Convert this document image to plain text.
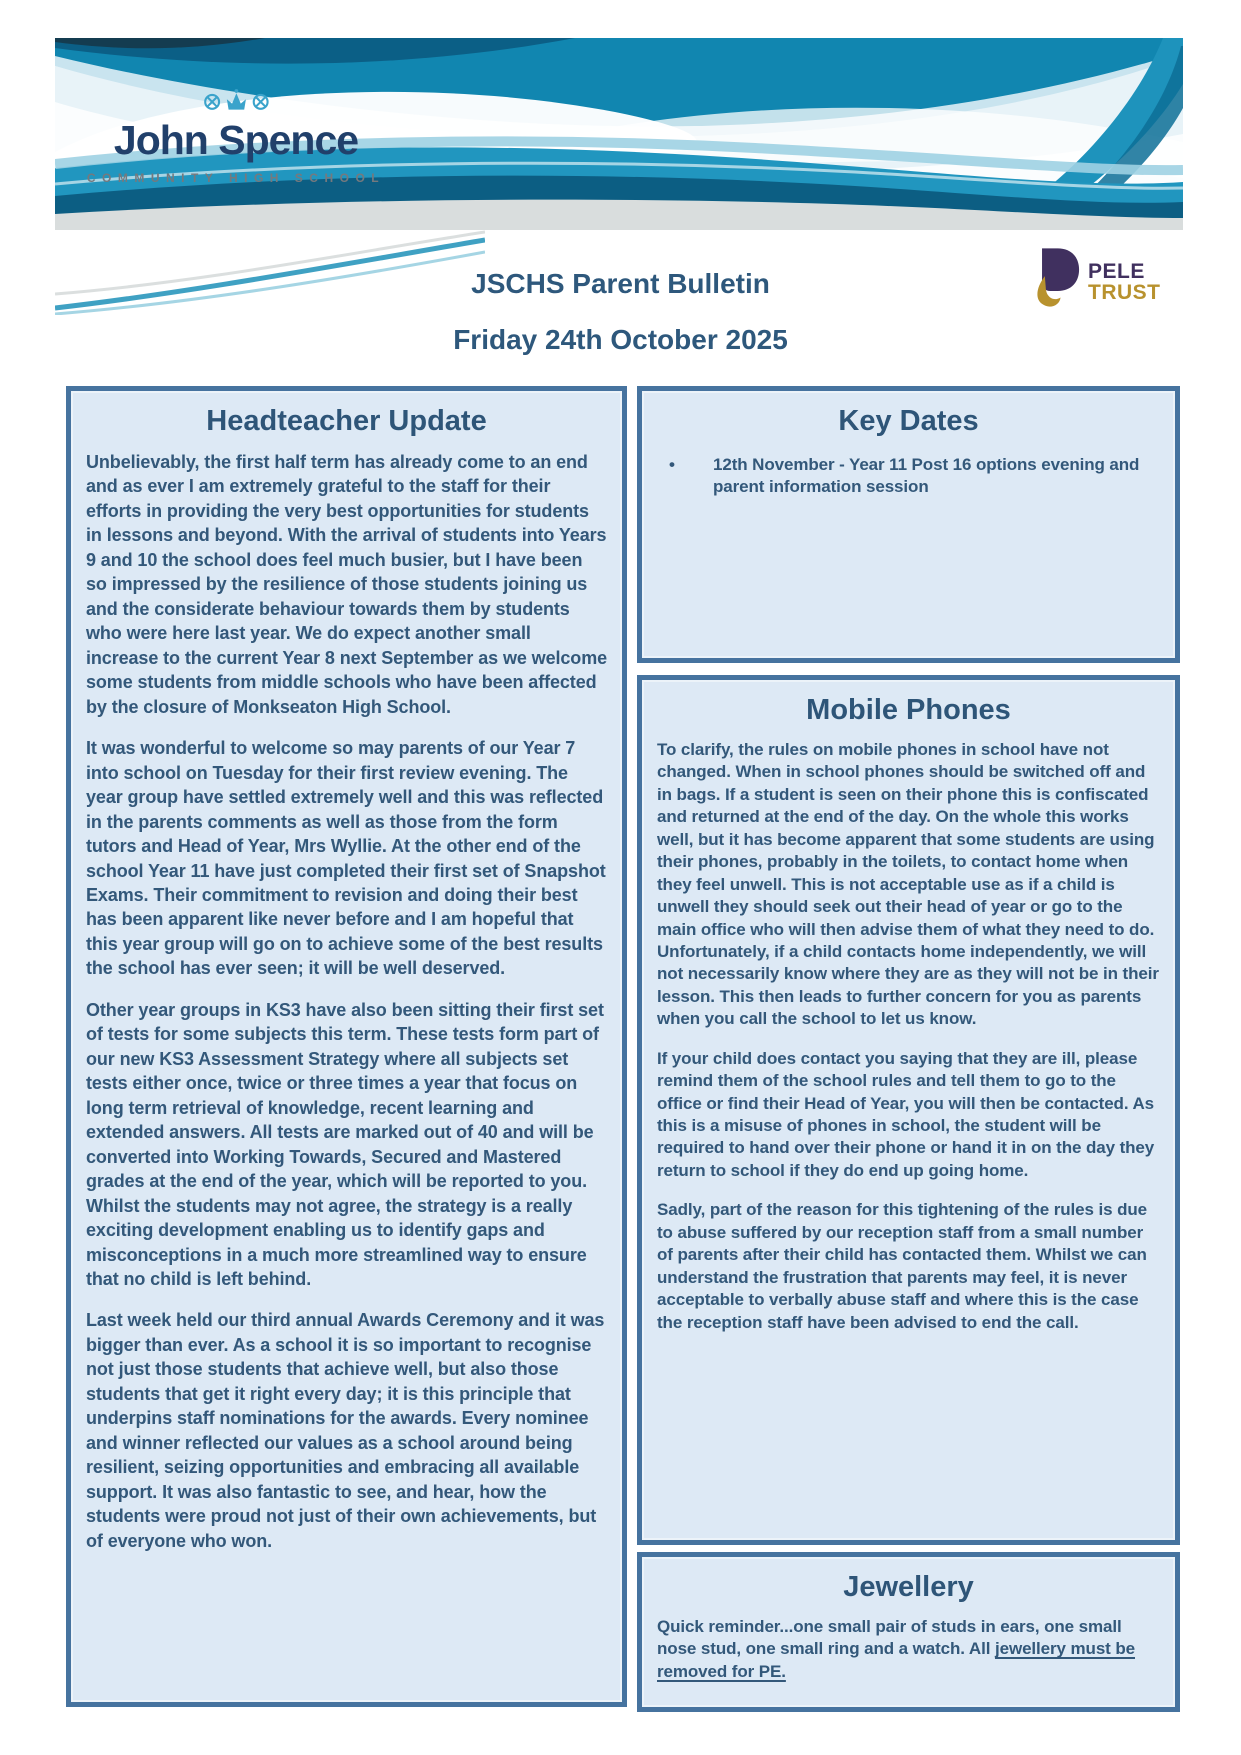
John Spence
COMMUNITY HIGH SCHOOL
JSCHS Parent Bulletin
Friday 24th October 2025
PELE
TRUST
Headteacher Update

Unbelievably, the first half term has already come to an end and as ever I am extremely grateful to the staff for their efforts in providing the very best opportunities for students in lessons and beyond. With the arrival of students into Years 9 and 10 the school does feel much busier, but I have been so impressed by the resilience of those students joining us and the considerate behaviour towards them by students who were here last year. We do expect another small increase to the current Year 8 next September as we welcome some students from middle schools who have been affected by the closure of Monkseaton High School.

It was wonderful to welcome so may parents of our Year 7 into school on Tuesday for their first review evening. The year group have settled extremely well and this was reflected in the parents comments as well as those from the form tutors and Head of Year, Mrs Wyllie. At the other end of the school Year 11 have just completed their first set of Snapshot Exams. Their commitment to revision and doing their best has been apparent like never before and I am hopeful that this year group will go on to achieve some of the best results the school has ever seen; it will be well deserved.

Other year groups in KS3 have also been sitting their first set of tests for some subjects this term. These tests form part of our new KS3 Assessment Strategy where all subjects set tests either once, twice or three times a year that focus on long term retrieval of knowledge, recent learning and extended answers. All tests are marked out of 40 and will be converted into Working Towards, Secured and Mastered grades at the end of the year, which will be reported to you. Whilst the students may not agree, the strategy is a really exciting development enabling us to identify gaps and misconceptions in a much more streamlined way to ensure that no child is left behind.

Last week held our third annual Awards Ceremony and it was bigger than ever. As a school it is so important to recognise not just those students that achieve well, but also those students that get it right every day; it is this principle that underpins staff nominations for the awards. Every nominee and winner reflected our values as a school around being resilient, seizing opportunities and embracing all available support. It was also fantastic to see, and hear, how the students were proud not just of their own achievements, but of everyone who won.

Key Dates
• 12th November - Year 11 Post 16 options evening and parent information session
Mobile Phones

To clarify, the rules on mobile phones in school have not changed. When in school phones should be switched off and in bags. If a student is seen on their phone this is confiscated and returned at the end of the day. On the whole this works well, but it has become apparent that some students are using their phones, probably in the toilets, to contact home when they feel unwell. This is not acceptable use as if a child is unwell they should seek out their head of year or go to the main office who will then advise them of what they need to do. Unfortunately, if a child contacts home independently, we will not necessarily know where they are as they will not be in their lesson. This then leads to further concern for you as parents when you call the school to let us know.

If your child does contact you saying that they are ill, please remind them of the school rules and tell them to go to the office or find their Head of Year, you will then be contacted. As this is a misuse of phones in school, the student will be required to hand over their phone or hand it in on the day they return to school if they do end up going home.

Sadly, part of the reason for this tightening of the rules is due to abuse suffered by our reception staff from a small number of parents after their child has contacted them. Whilst we can understand the frustration that parents may feel, it is never acceptable to verbally abuse staff and where this is the case the reception staff have been advised to end the call.

Jewellery

Quick reminder...one small pair of studs in ears, one small nose stud, one small ring and a watch. All jewellery must be removed for PE.
